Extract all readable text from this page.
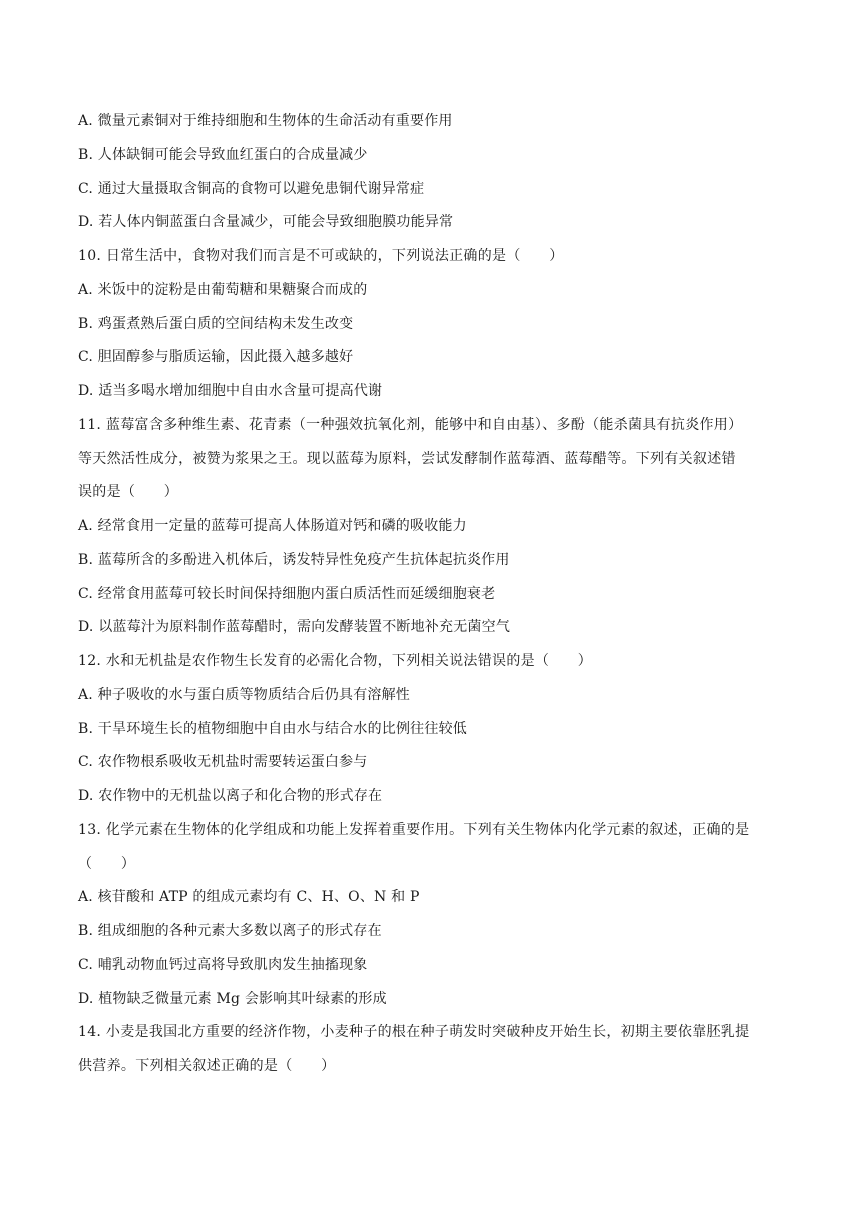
A. 微量元素铜对于维持细胞和生物体的生命活动有重要作用
B. 人体缺铜可能会导致血红蛋白的合成量减少
C. 通过大量摄取含铜高的食物可以避免患铜代谢异常症
D. 若人体内铜蓝蛋白含量减少，可能会导致细胞膜功能异常
10. 日常生活中，食物对我们而言是不可或缺的，下列说法正确的是（　　）
A. 米饭中的淀粉是由葡萄糖和果糖聚合而成的
B. 鸡蛋煮熟后蛋白质的空间结构未发生改变
C. 胆固醇参与脂质运输，因此摄入越多越好
D. 适当多喝水增加细胞中自由水含量可提高代谢
11. 蓝莓富含多种维生素、花青素（一种强效抗氧化剂，能够中和自由基）、多酚（能杀菌具有抗炎作用）
等天然活性成分，被赞为浆果之王。现以蓝莓为原料，尝试发酵制作蓝莓酒、蓝莓醋等。下列有关叙述错
误的是（　　）
A. 经常食用一定量的蓝莓可提高人体肠道对钙和磷的吸收能力
B. 蓝莓所含的多酚进入机体后，诱发特异性免疫产生抗体起抗炎作用
C. 经常食用蓝莓可较长时间保持细胞内蛋白质活性而延缓细胞衰老
D. 以蓝莓汁为原料制作蓝莓醋时，需向发酵装置不断地补充无菌空气
12. 水和无机盐是农作物生长发育的必需化合物，下列相关说法错误的是（　　）
A. 种子吸收的水与蛋白质等物质结合后仍具有溶解性
B. 干旱环境生长的植物细胞中自由水与结合水的比例往往较低
C. 农作物根系吸收无机盐时需要转运蛋白参与
D. 农作物中的无机盐以离子和化合物的形式存在
13. 化学元素在生物体的化学组成和功能上发挥着重要作用。下列有关生物体内化学元素的叙述，正确的是
（　　）
A. 核苷酸和 ATP 的组成元素均有 C、H、O、N 和 P
B. 组成细胞的各种元素大多数以离子的形式存在
C. 哺乳动物血钙过高将导致肌肉发生抽搐现象
D. 植物缺乏微量元素 Mg 会影响其叶绿素的形成
14. 小麦是我国北方重要的经济作物，小麦种子的根在种子萌发时突破种皮开始生长，初期主要依靠胚乳提
供营养。下列相关叙述正确的是（　　）
